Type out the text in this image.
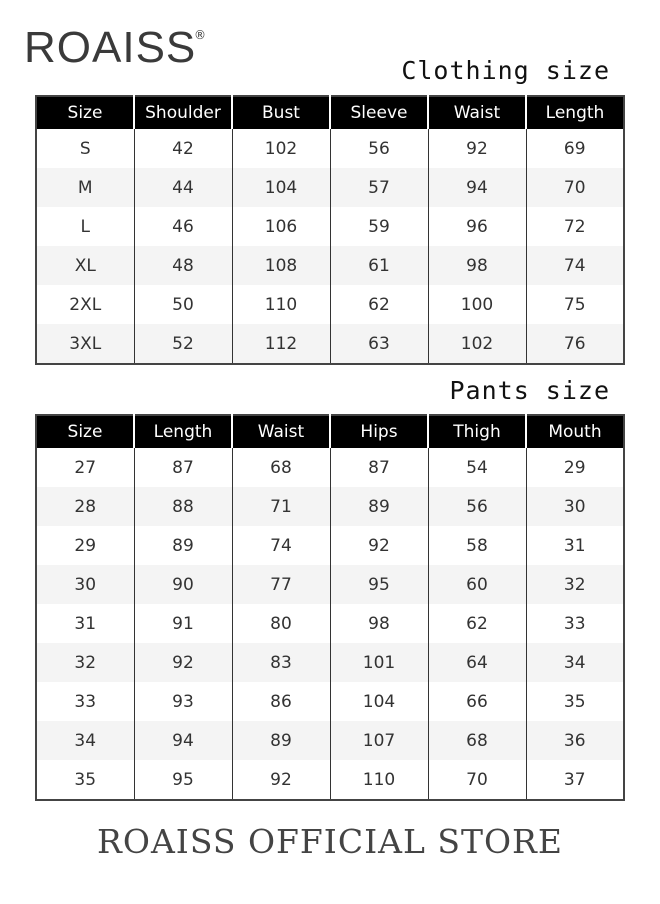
ROAISS
®
Clothing size
Size	Shoulder	Bust	Sleeve	Waist	Length
S	42	102	56	92	69
M	44	104	57	94	70
L	46	106	59	96	72
XL	48	108	61	98	74
2XL	50	110	62	100	75
3XL	52	112	63	102	76
Pants size
Size	Length	Waist	Hips	Thigh	Mouth
27	87	68	87	54	29
28	88	71	89	56	30
29	89	74	92	58	31
30	90	77	95	60	32
31	91	80	98	62	33
32	92	83	101	64	34
33	93	86	104	66	35
34	94	89	107	68	36
35	95	92	110	70	37
ROAISS OFFICIAL STORE
